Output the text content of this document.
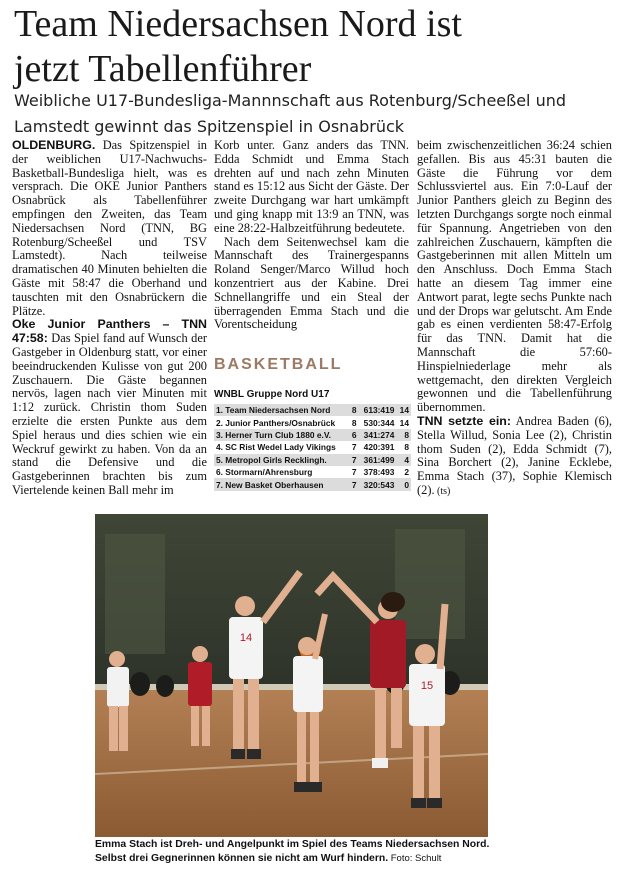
Team Niedersachsen Nord ist
jetzt Tabellenführer
Weibliche U17-Bundesliga-Mannnschaft aus Rotenburg/Scheeßel und
Lamstedt gewinnt das Spitzenspiel in Osnabrück

OLDENBURG. Das Spitzenspiel in der weiblichen U17-Nachwuchs-Basketball-Bundesliga hielt, was es versprach. Die OKE Junior Panthers Osnabrück als Tabellenführer empfingen den Zweiten, das Team Niedersachsen Nord (TNN, BG Rotenburg/Scheeßel und TSV Lamstedt). Nach teilweise dramatischen 40 Minuten behielten die Gäste mit 58:47 die Oberhand und tauschten mit den Osnabrückern die Plätze.

Oke Junior Panthers – TNN 47:58: Das Spiel fand auf Wunsch der Gastgeber in Oldenburg statt, vor einer beeindruckenden Kulisse von gut 200 Zuschauern. Die Gäste begannen nervös, lagen nach vier Minuten mit 1:12 zurück. Christin thom Suden erzielte die ersten Punkte aus dem Spiel heraus und dies schien wie ein Weckruf gewirkt zu haben. Von da an stand die Defensive und die Gastgeberinnen brachten bis zum Viertelende keinen Ball mehr im

Korb unter. Ganz anders das TNN. Edda Schmidt und Emma Stach drehten auf und nach zehn Minuten stand es 15:12 aus Sicht der Gäste. Der zweite Durchgang war hart umkämpft und ging knapp mit 13:9 an TNN, was eine 28:22-Halbzeitführung bedeutete.

Nach dem Seitenwechsel kam die Mannschaft des Trainergespanns Roland Senger/Marco Willud hoch konzentriert aus der Kabine. Drei Schnellangriffe und ein Steal der überragenden Emma Stach und die Vorentscheidung

BASKETBALL
WNBL Gruppe Nord U17
1. Team Niedersachsen Nord	8	613:419	14
2. Junior Panthers/Osnabrück	8	530:344	14
3. Herner Turn Club 1880 e.V.	6	341:274	8
4. SC Rist Wedel Lady Vikings	7	420:391	8
5. Metropol Girls Recklingh.	7	361:499	4
6. Stormarn/Ahrensburg	7	378:493	2
7. New Basket Oberhausen	7	320:543	0

beim zwischenzeitlichen 36:24 schien gefallen. Bis aus 45:31 bauten die Gäste die Führung vor dem Schlussviertel aus. Ein 7:0-Lauf der Junior Panthers gleich zu Beginn des letzten Durchgangs sorgte noch einmal für Spannung. Angetrieben von den zahlreichen Zuschauern, kämpften die Gastgeberinnen mit allen Mitteln um den Anschluss. Doch Emma Stach hatte an diesem Tag immer eine Antwort parat, legte sechs Punkte nach und der Drops war gelutscht. Am Ende gab es einen verdienten 58:47-Erfolg für das TNN. Damit hat die Mannschaft die 57:60-Hinspielniederlage mehr als wettgemacht, den direkten Vergleich gewonnen und die Tabellenführung übernommen.

TNN setzte ein: Andrea Baden (6), Stella Willud, Sonia Lee (2), Christin thom Suden (2), Edda Schmidt (7), Sina Borchert (2), Janine Ecklebe, Emma Stach (37), Sophie Klemisch (2). (ts)

14
15
Emma Stach ist Dreh- und Angelpunkt im Spiel des Teams Niedersachsen Nord. Selbst drei Gegnerinnen können sie nicht am Wurf hindern. Foto: Schult
